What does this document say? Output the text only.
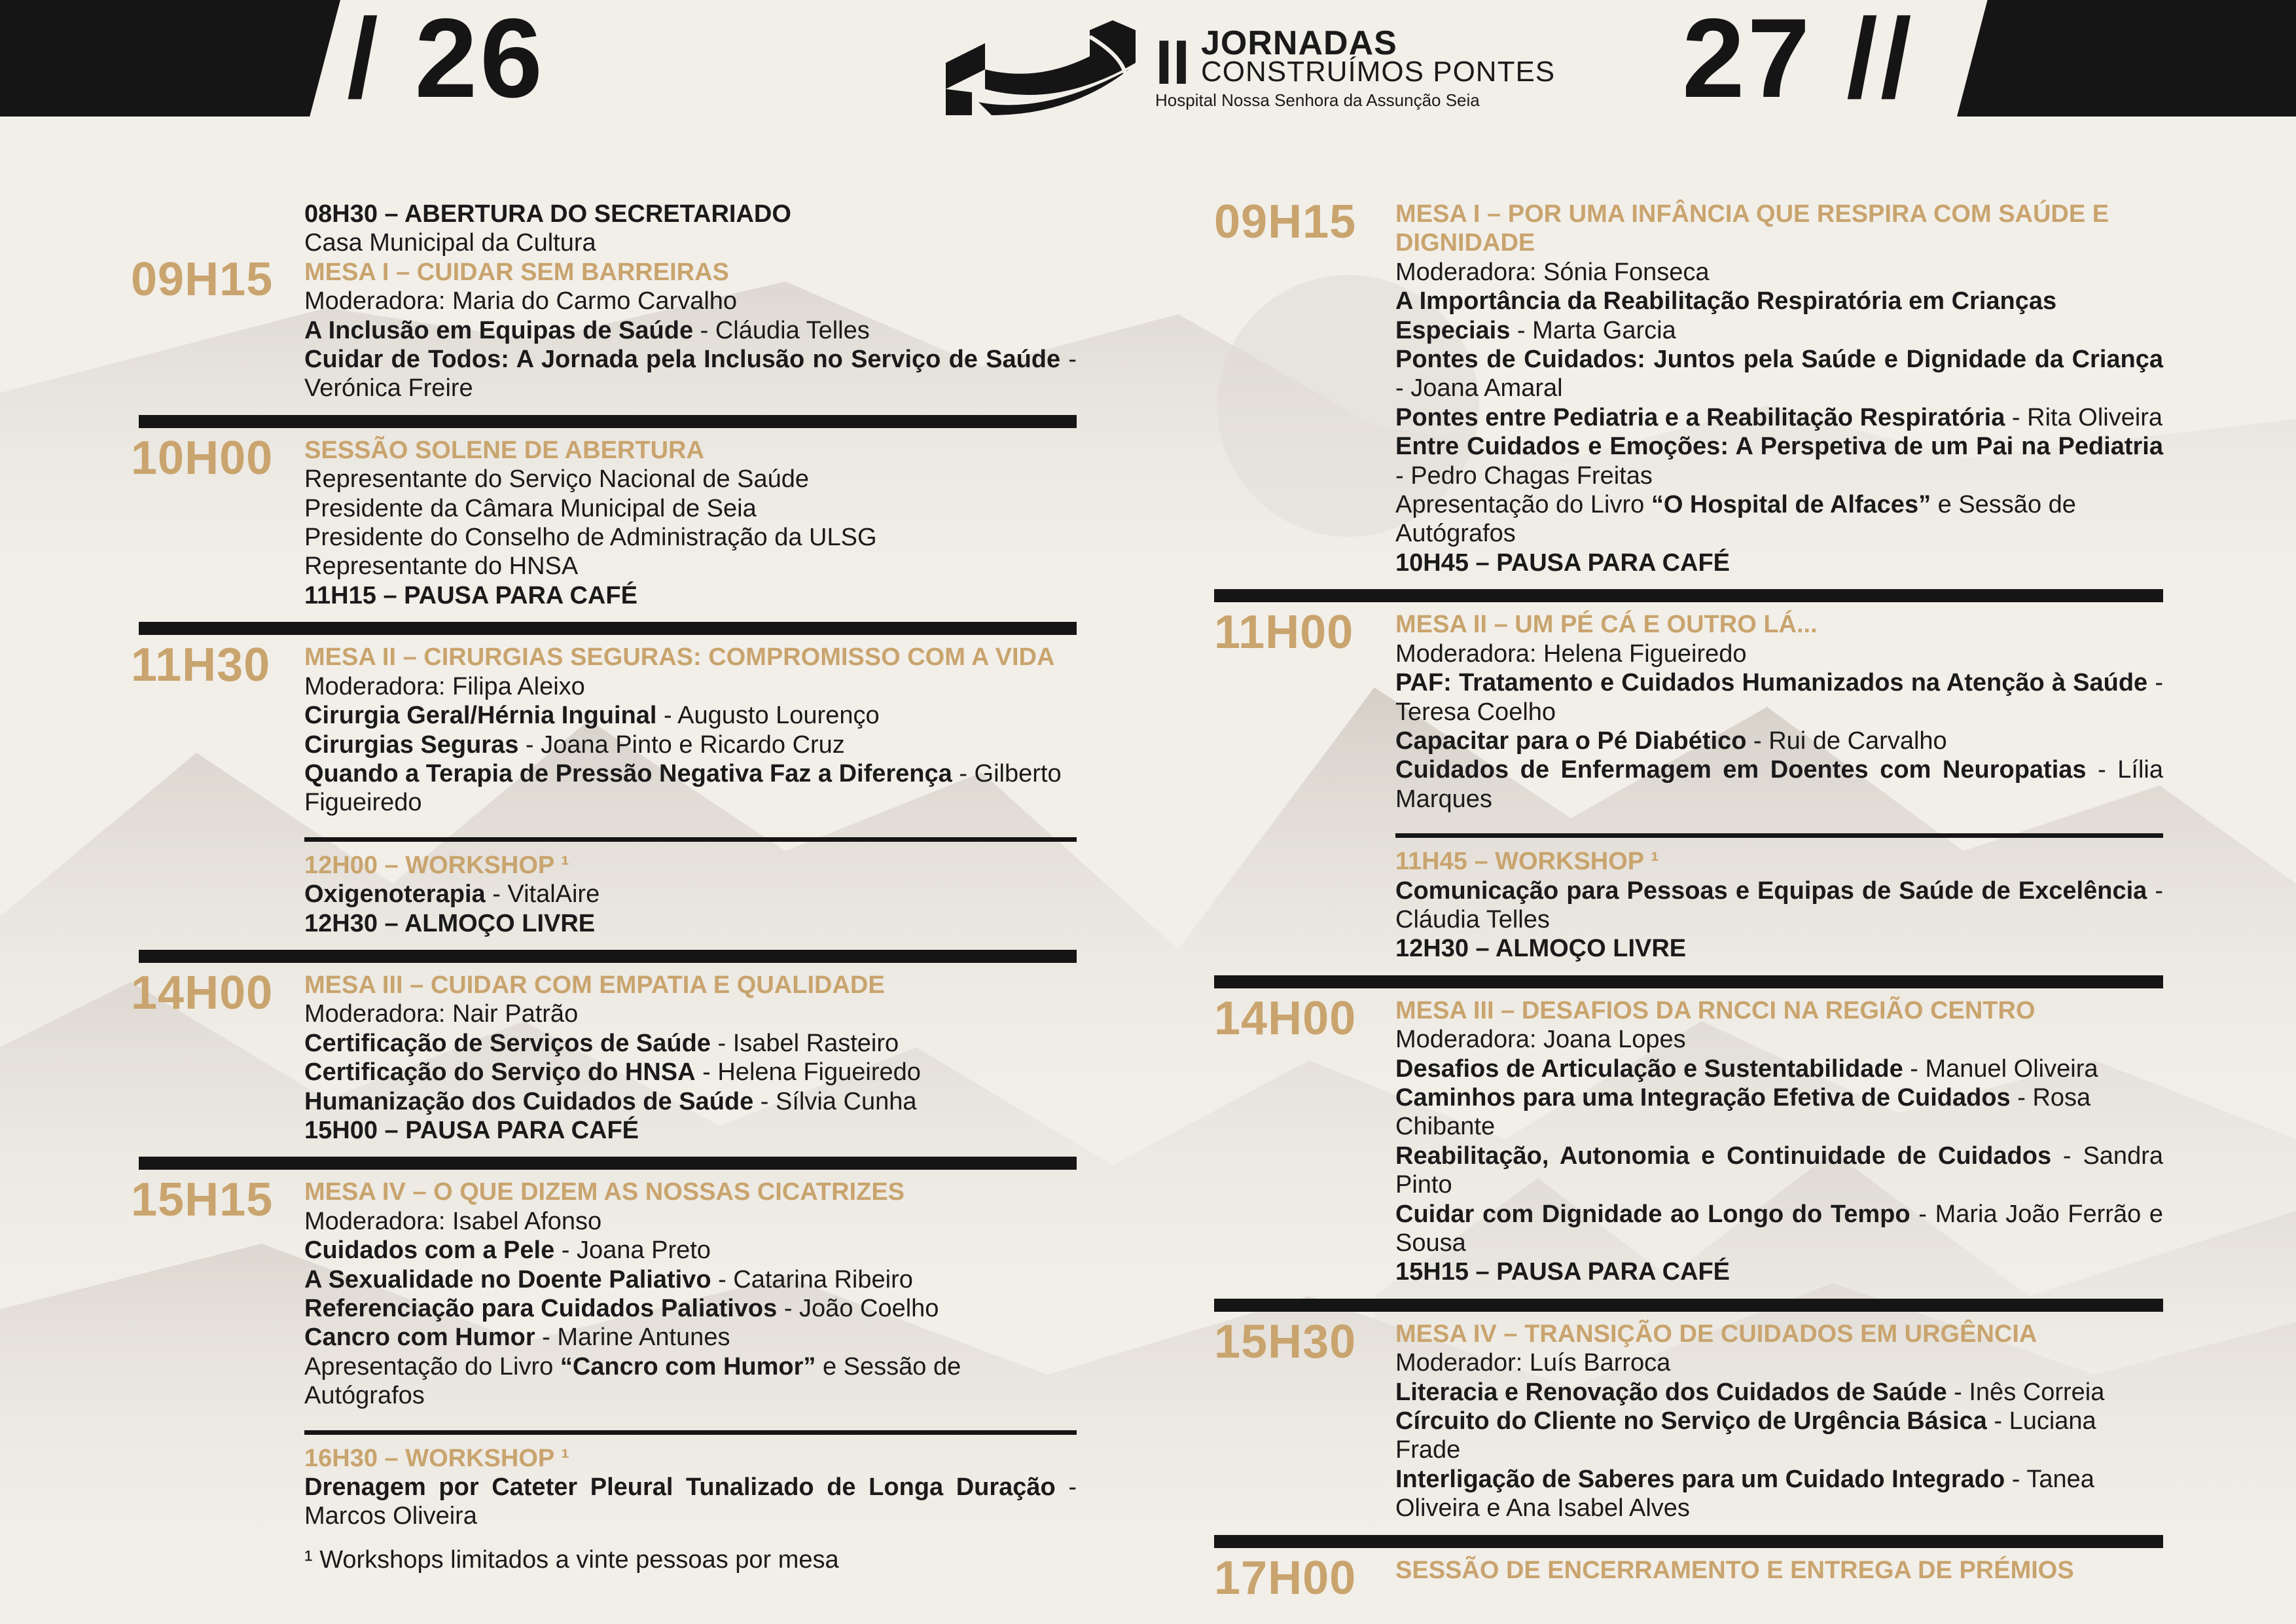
/ 26	27 //
II JORNADAS
CONSTRUÍMOS PONTES
Hospital Nossa Senhora da Assunção Seia
09H15
08H30 – ABERTURA DO SECRETARIADO
Casa Municipal da Cultura
MESA I – CUIDAR SEM BARREIRAS
Moderadora: Maria do Carmo Carvalho
A Inclusão em Equipas de Saúde - Cláudia Telles
Cuidar de Todos: A Jornada pela Inclusão no Serviço de Saúde - Verónica Freire
10H00 SESSÃO SOLENE DE ABERTURA
Representante do Serviço Nacional de Saúde
Presidente da Câmara Municipal de Seia
Presidente do Conselho de Administração da ULSG
Representante do HNSA
11H15 – PAUSA PARA CAFÉ
11H30 MESA II – CIRURGIAS SEGURAS: COMPROMISSO COM A VIDA
Moderadora: Filipa Aleixo
Cirurgia Geral/Hérnia Inguinal - Augusto Lourenço
Cirurgias Seguras - Joana Pinto e Ricardo Cruz
Quando a Terapia de Pressão Negativa Faz a Diferença - Gilberto Figueiredo
12H00 – WORKSHOP ¹
Oxigenoterapia - VitalAire
12H30 – ALMOÇO LIVRE
14H00 MESA III – CUIDAR COM EMPATIA E QUALIDADE
Moderadora: Nair Patrão
Certificação de Serviços de Saúde - Isabel Rasteiro
Certificação do Serviço do HNSA - Helena Figueiredo
Humanização dos Cuidados de Saúde - Sílvia Cunha
15H00 – PAUSA PARA CAFÉ
15H15 MESA IV – O QUE DIZEM AS NOSSAS CICATRIZES
Moderadora: Isabel Afonso
Cuidados com a Pele - Joana Preto
A Sexualidade no Doente Paliativo - Catarina Ribeiro
Referenciação para Cuidados Paliativos - João Coelho
Cancro com Humor - Marine Antunes
Apresentação do Livro “Cancro com Humor” e Sessão de Autógrafos
16H30 – WORKSHOP ¹
Drenagem por Cateter Pleural Tunalizado de Longa Duração - Marcos Oliveira
¹ Workshops limitados a vinte pessoas por mesa
09H15 MESA I – POR UMA INFÂNCIA QUE RESPIRA COM SAÚDE E DIGNIDADE
Moderadora: Sónia Fonseca
A Importância da Reabilitação Respiratória em Crianças Especiais - Marta Garcia
Pontes de Cuidados: Juntos pela Saúde e Dignidade da Criança - Joana Amaral
Pontes entre Pediatria e a Reabilitação Respiratória - Rita Oliveira
Entre Cuidados e Emoções: A Perspetiva de um Pai na Pediatria - Pedro Chagas Freitas
Apresentação do Livro “O Hospital de Alfaces” e Sessão de Autógrafos
10H45 – PAUSA PARA CAFÉ
11H00 MESA II – UM PÉ CÁ E OUTRO LÁ...
Moderadora: Helena Figueiredo
PAF: Tratamento e Cuidados Humanizados na Atenção à Saúde - Teresa Coelho
Capacitar para o Pé Diabético - Rui de Carvalho
Cuidados de Enfermagem em Doentes com Neuropatias - Lília Marques
11H45 – WORKSHOP ¹
Comunicação para Pessoas e Equipas de Saúde de Excelência - Cláudia Telles
12H30 – ALMOÇO LIVRE
14H00 MESA III – DESAFIOS DA RNCCI NA REGIÃO CENTRO
Moderadora: Joana Lopes
Desafios de Articulação e Sustentabilidade - Manuel Oliveira
Caminhos para uma Integração Efetiva de Cuidados - Rosa Chibante
Reabilitação, Autonomia e Continuidade de Cuidados - Sandra Pinto
Cuidar com Dignidade ao Longo do Tempo - Maria João Ferrão e Sousa
15H15 – PAUSA PARA CAFÉ
15H30 MESA IV – TRANSIÇÃO DE CUIDADOS EM URGÊNCIA
Moderador: Luís Barroca
Literacia e Renovação dos Cuidados de Saúde - Inês Correia
Círcuito do Cliente no Serviço de Urgência Básica - Luciana Frade
Interligação de Saberes para um Cuidado Integrado - Tanea Oliveira e Ana Isabel Alves
17H00 SESSÃO DE ENCERRAMENTO E ENTREGA DE PRÉMIOS
